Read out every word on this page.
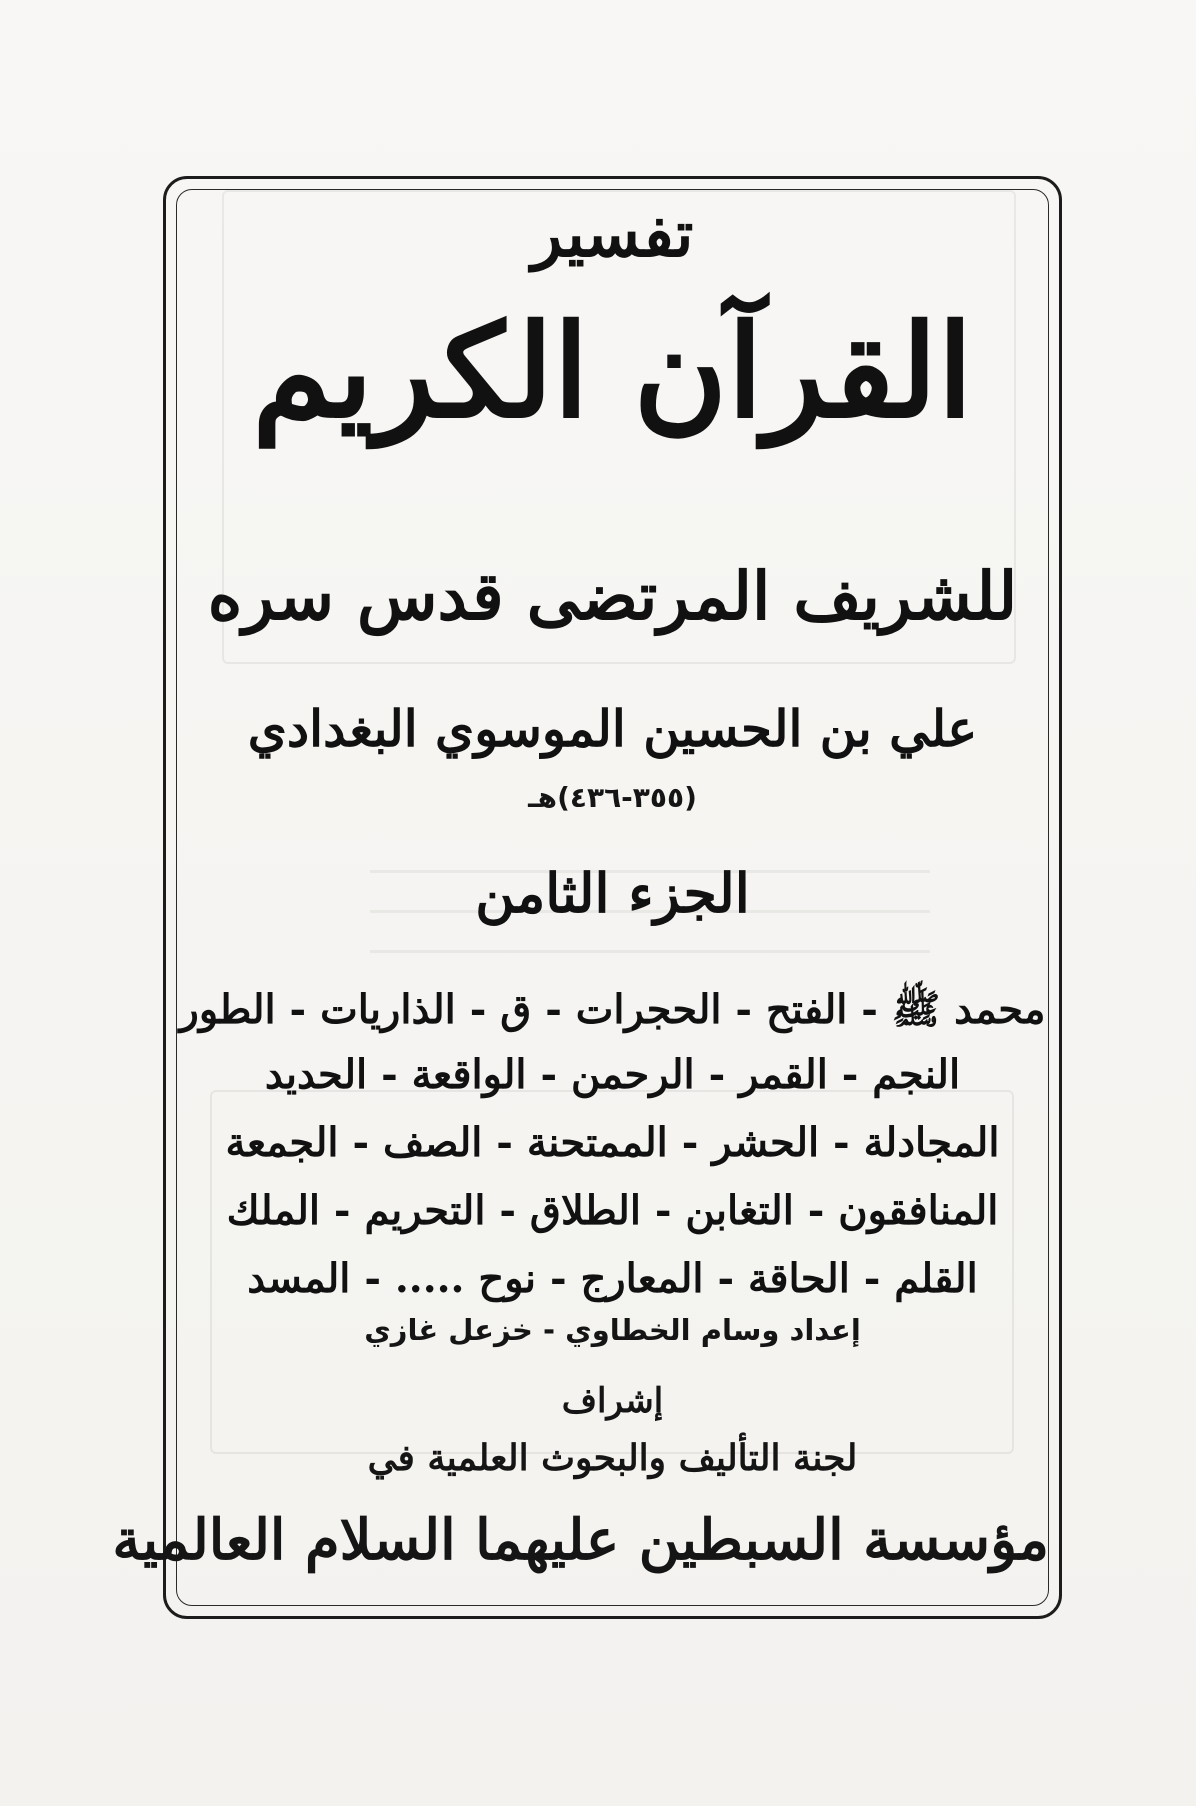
تفسير
القرآن الكريم
للشريف المرتضى قدس سره
علي بن الحسين الموسوي البغدادي
(٣٥٥-٤٣٦)هـ
الجزء الثامن
محمد ﷺ - الفتح - الحجرات - ق - الذاريات - الطور
النجم - القمر - الرحمن - الواقعة - الحديد
المجادلة - الحشر - الممتحنة - الصف - الجمعة
المنافقون - التغابن - الطلاق - التحريم - الملك
القلم - الحاقة - المعارج - نوح ..... - المسد
إعداد وسام الخطاوي - خزعل غازي
إشراف
لجنة التأليف والبحوث العلمية في
مؤسسة السبطين عليهما السلام العالمية
